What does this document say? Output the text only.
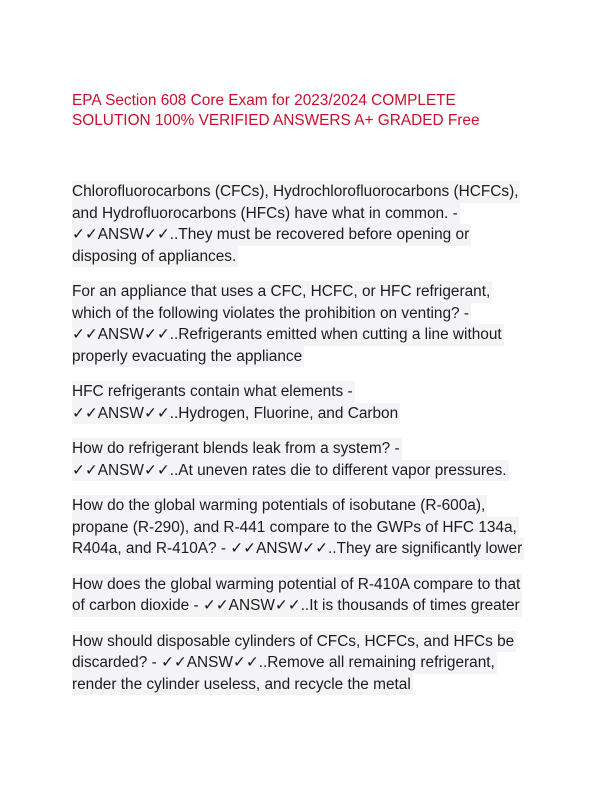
EPA Section 608 Core Exam for 2023/2024 COMPLETE
SOLUTION 100% VERIFIED ANSWERS A+ GRADED Free
Chlorofluorocarbons (CFCs), Hydrochlorofluorocarbons (HCFCs),
and Hydrofluorocarbons (HFCs) have what in common. -
✓✓ANSW✓✓..They must be recovered before opening or
disposing of appliances.
For an appliance that uses a CFC, HCFC, or HFC refrigerant,
which of the following violates the prohibition on venting? -
✓✓ANSW✓✓..Refrigerants emitted when cutting a line without
properly evacuating the appliance
HFC refrigerants contain what elements -
✓✓ANSW✓✓..Hydrogen, Fluorine, and Carbon
How do refrigerant blends leak from a system? -
✓✓ANSW✓✓..At uneven rates die to different vapor pressures.
How do the global warming potentials of isobutane (R-600a),
propane (R-290), and R-441 compare to the GWPs of HFC 134a,
R404a, and R-410A? - ✓✓ANSW✓✓..They are significantly lower
How does the global warming potential of R-410A compare to that
of carbon dioxide - ✓✓ANSW✓✓..It is thousands of times greater
How should disposable cylinders of CFCs, HCFCs, and HFCs be
discarded? - ✓✓ANSW✓✓..Remove all remaining refrigerant,
render the cylinder useless, and recycle the metal
